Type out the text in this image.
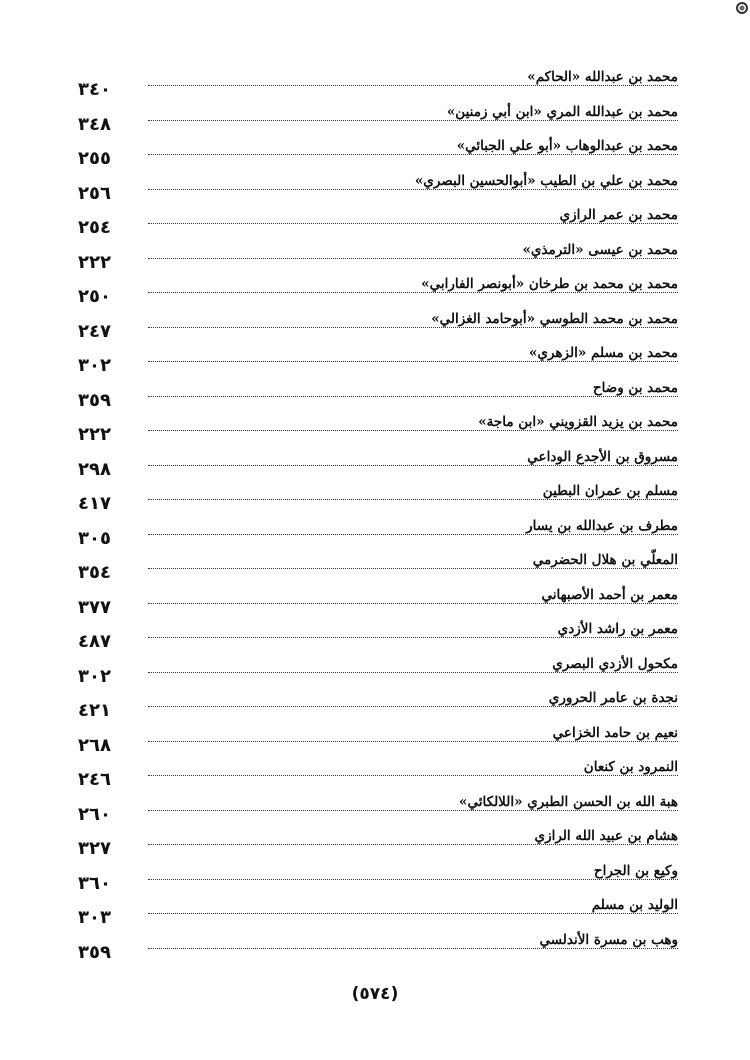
محمد بن عبدالله «الحاكم»
٣٤٠
محمد بن عبدالله المري «ابن أبي زمنين»
٣٤٨
محمد بن عبدالوهاب «أبو علي الجبائي»
٢٥٥
محمد بن علي بن الطيب «أبوالحسين البصري»
٢٥٦
محمد بن عمر الرازي
٢٥٤
محمد بن عيسى «الترمذي»
٢٢٢
محمد بن محمد بن طرخان «أبونصر الفارابي»
٢٥٠
محمد بن محمد الطوسي «أبوحامد الغزالي»
٢٤٧
محمد بن مسلم «الزهري»
٣٠٢
محمد بن وضاح
٣٥٩
محمد بن يزيد القزويني «ابن ماجة»
٢٢٢
مسروق بن الأجدع الوداعي
٢٩٨
مسلم بن عمران البطين
٤١٧
مطرف بن عبدالله بن يسار
٣٠٥
المعلّي بن هلال الحضرمي
٣٥٤
معمر بن أحمد الأصبهاني
٣٧٧
معمر بن راشد الأزدي
٤٨٧
مكحول الأزدي البصري
٣٠٢
نجدة بن عامر الحروري
٤٢١
نعيم بن حامد الخزاعي
٢٦٨
النمرود بن كنعان
٢٤٦
هبة الله بن الحسن الطبري «اللالكائي»
٢٦٠
هشام بن عبيد الله الرازي
٣٢٧
وكيع بن الجراح
٣٦٠
الوليد بن مسلم
٣٠٣
وهب بن مسرة الأندلسي
٣٥٩
(٥٧٤)
